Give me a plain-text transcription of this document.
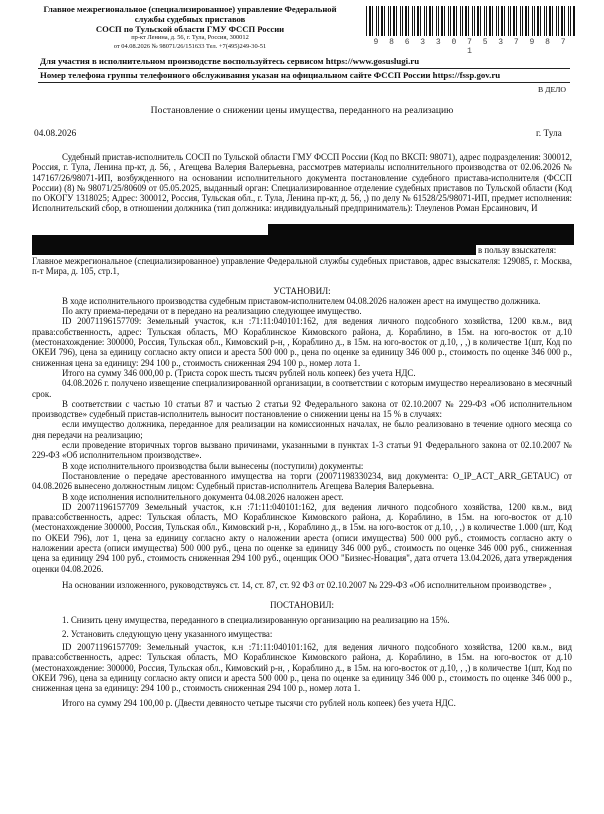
Главное межрегиональное (специализированное) управление Федеральной
службы судебных приставов
СОСП по Тульской области ГМУ ФССП России
пр-кт Ленина, д. 56, г. Тула, Россия, 300012
от 04.08.2026 № 98071/26/151633 Тел. +7(495)249-30-51	9 8 6 3 3 0 7 5 3 7 9 8 7 1
Для участия в исполнительном производстве воспользуйтесь сервисом https://www.gosuslugi.ru
Номер телефона группы телефонного обслуживания указан на официальном сайте ФССП России https://fssp.gov.ru
В ДЕЛО
Постановление о снижении цены имущества, переданного на реализацию
04.08.2026	г. Тула

Судебный пристав-исполнитель СОСП по Тульской области ГМУ ФССП России (Код по ВКСП: 98071), адрес подразделения: 300012, Россия, г. Тула, Ленина пр-кт, д. 56, , Агещева Валерия Валерьевна, рассмотрев материалы исполнительного производства от 02.06.2026 № 147167/26/98071-ИП, возбужденного на основании исполнительного документа постановление судебного пристава-исполнителя (ФССП России) (8) № 98071/25/80609 от 05.05.2025, выданный орган: Специализированное отделение судебных приставов по Тульской области (Код по ОКОГУ 1318025; Адрес: 300012, Россия, Тульская обл., г. Тула, Ленина пр-кт, д. 56, ,) по делу № 61528/25/98071-ИП, предмет исполнения: Исполнительский сбор, в отношении должника (тип должника: индивидуальный предприниматель): Тлеуленов Роман Ерсаинович, И

в пользу взыскателя:

Главное межрегиональное (специализированное) управление Федеральной службы судебных приставов, адрес взыскателя: 129085, г. Москва, п-т Мира, д. 105, стр.1,

УСТАНОВИЛ:

В ходе исполнительного производства судебным приставом-исполнителем 04.08.2026 наложен арест на имущество должника.

По акту приема-передачи от в передано на реализацию следующее имущество.

ID 20071196157709: Земельный участок, к.н :71:11:040101:162, для ведения личного подсобного хозяйства, 1200 кв.м., вид права:собственность, адрес: Тульская область, МО Кораблинское Кимовского района, д. Кораблино, в 15м. на юго-восток от д.10 (местонахождение: 300000, Россия, Тульская обл., Кимовский р-н, , Кораблино д., в 15м. на юго-восток от д.10, , ,) в количестве 1(шт, Код по ОКЕИ 796), цена за единицу согласно акту описи и ареста 500 000 р., цена по оценке за единицу 346 000 р., стоимость по оценке 346 000 р., сниженная цена за единицу: 294 100 р., стоимость сниженная 294 100 р., номер лота 1.

Итого на сумму 346 000,00 р. (Триста сорок шесть тысяч рублей ноль копеек) без учета НДС.

04.08.2026 г. получено извещение специализированной организации, в соответствии с которым имущество нереализовано в месячный срок.

В соответствии с частью 10 статьи 87 и частью 2 статьи 92 Федерального закона от 02.10.2007 № 229-ФЗ «Об исполнительном производстве» судебный пристав-исполнитель выносит постановление о снижении цены на 15 % в случаях:

если имущество должника, переданное для реализации на комиссионных началах, не было реализовано в течение одного месяца со дня передачи на реализацию;

если проведение вторичных торгов вызвано причинами, указанными в пунктах 1-3 статьи 91 Федерального закона от 02.10.2007 № 229-ФЗ «Об исполнительном производстве».

В ходе исполнительного производства были вынесены (поступили) документы:

Постановление о передаче арестованного имущества на торги (20071198330234, вид документа: O_IP_ACT_ARR_GETAUC) от 04.08.2026 вынесено должностным лицом: Судебный пристав-исполнитель Агещева Валерия Валерьевна.

В ходе исполнения исполнительного документа 04.08.2026 наложен арест.

ID 20071196157709 Земельный участок, к.н :71:11:040101:162, для ведения личного подсобного хозяйства, 1200 кв.м., вид права:собственность, адрес: Тульская область, МО Кораблинское Кимовского района, д. Кораблино, в 15м. на юго-восток от д.10 (местонахождение 300000, Россия, Тульская обл., Кимовский р-н, , Кораблино д., в 15м. на юго-восток от д.10, , ,) в количестве 1.000 (шт, Код по ОКЕИ 796), лот 1, цена за единицу согласно акту о наложении ареста (описи имущества) 500 000 руб., стоимость согласно акту о наложении ареста (описи имущества) 500 000 руб., цена по оценке за единицу 346 000 руб., стоимость по оценке 346 000 руб., сниженная цена за единицу 294 100 руб., стоимость сниженная 294 100 руб., оценщик ООО "Бизнес-Новация", дата отчета 13.04.2026, дата утверждения оценки 04.08.2026.

На основании изложенного, руководствуясь ст. 14, ст. 87, ст. 92 ФЗ от 02.10.2007 № 229-ФЗ «Об исполнительном производстве» ,

ПОСТАНОВИЛ:

1. Снизить цену имущества, переданного в специализированную организацию на реализацию на 15%.

2. Установить следующую цену указанного имущества:

ID 20071196157709: Земельный участок, к.н :71:11:040101:162, для ведения личного подсобного хозяйства, 1200 кв.м., вид права:собственность, адрес: Тульская область, МО Кораблинское Кимовского района, д. Кораблино, в 15м. на юго-восток от д.10 (местонахождение: 300000, Россия, Тульская обл., Кимовский р-н, , Кораблино д., в 15м. на юго-восток от д.10, , ,) в количестве 1(шт, Код по ОКЕИ 796), цена за единицу согласно акту описи и ареста 500 000 р., цена по оценке за единицу 346 000 р., стоимость по оценке 346 000 р., сниженная цена за единицу: 294 100 р., стоимость сниженная 294 100 р., номер лота 1.

Итого на сумму 294 100,00 р. (Двести девяносто четыре тысячи сто рублей ноль копеек) без учета НДС.
